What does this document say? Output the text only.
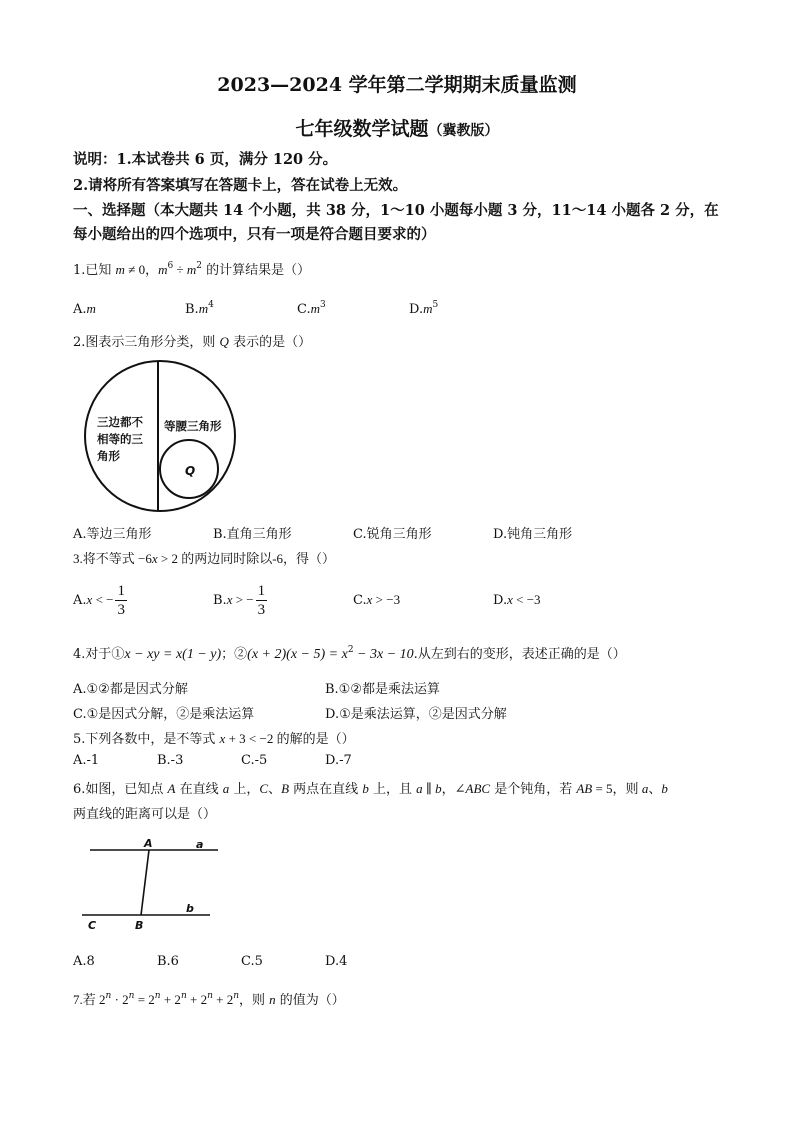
2023—2024 学年第二学期期末质量监测
七年级数学试题（冀教版）
说明：1.本试卷共 6 页，满分 120 分。
2.请将所有答案填写在答题卡上，答在试卷上无效。
一、选择题（本大题共 14 个小题，共 38 分，1～10 小题每小题 3 分，11～14 小题各 2 分，在
每小题给出的四个选项中，只有一项是符合题目要求的）
1.已知 m ≠ 0，$m^6 \div m^2$ 的计算结果是（）
A.m	$B.m^4$	$C.m^3$	$D.m^5$
2.图表示三角形分类，则 Q 表示的是（）
三边都不
相等的三
角形
等腰三角形
Q
A.等边三角形	B.直角三角形	C.锐角三角形	D.钝角三角形
3.将不等式 −6x > 2 的两边同时除以-6，得（）
A.x < − $\frac{1}{3}$	B.x > − $\frac{1}{3}$	C.x > −3	D.x < −3
4.对于①x − xy = x(1 − y)；②(x + $2)(x - 5) = x^2 - 3x - 10$.从左到右的变形，表述正确的是（）
A.①②都是因式分解	B.①②都是乘法运算
C.①是因式分解，②是乘法运算	D.①是乘法运算，②是因式分解
5.下列各数中，是不等式 x + 3 < −2 的解的是（）
A.-1	B.-3	C.-5	D.-7
6.如图，已知点 A 在直线 a 上，C、B 两点在直线 b 上，且 a ∥ b，∠ABC 是个钝角，若 AB = 5，则 a、b
两直线的距离可以是（）
A	a
b
C	B
A.8	B.6	C.5	D.4
7.若 $2^n \cdot 2^n = 2^n + 2^n + 2^n + 2^n$，则 n 的值为（）
